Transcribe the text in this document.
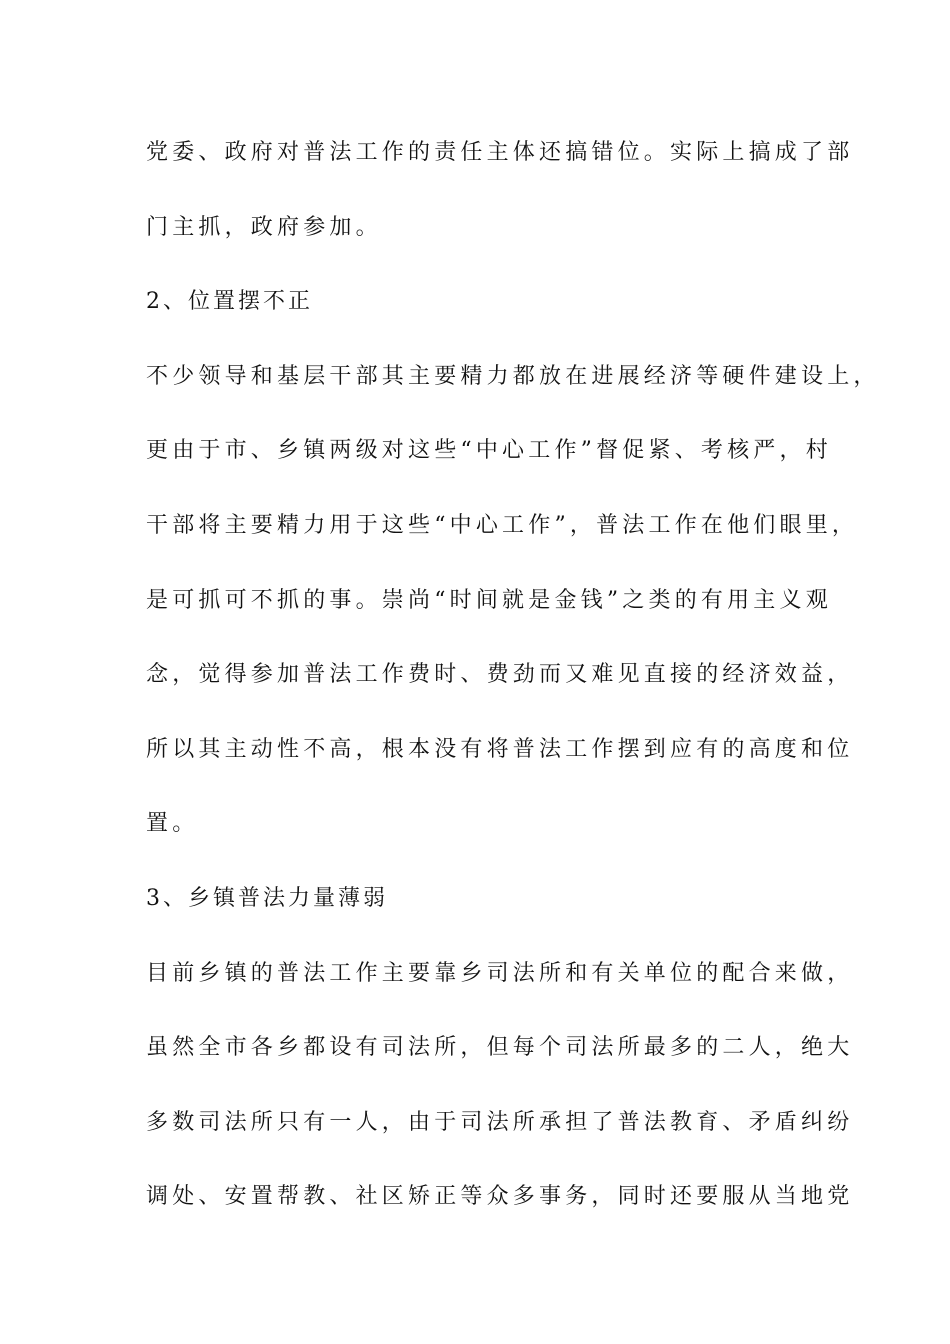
党委、政府对普法工作的责任主体还搞错位。实际上搞成了部
门主抓，政府参加。
2、位置摆不正
不少领导和基层干部其主要精力都放在进展经济等硬件建设上，
更由于市、乡镇两级对这些“中心工作”督促紧、考核严，村
干部将主要精力用于这些“中心工作”，普法工作在他们眼里，
是可抓可不抓的事。崇尚“时间就是金钱”之类的有用主义观
念，觉得参加普法工作费时、费劲而又难见直接的经济效益，
所以其主动性不高，根本没有将普法工作摆到应有的高度和位
置。
3、乡镇普法力量薄弱
目前乡镇的普法工作主要靠乡司法所和有关单位的配合来做，
虽然全市各乡都设有司法所，但每个司法所最多的二人，绝大
多数司法所只有一人，由于司法所承担了普法教育、矛盾纠纷
调处、安置帮教、社区矫正等众多事务，同时还要服从当地党
